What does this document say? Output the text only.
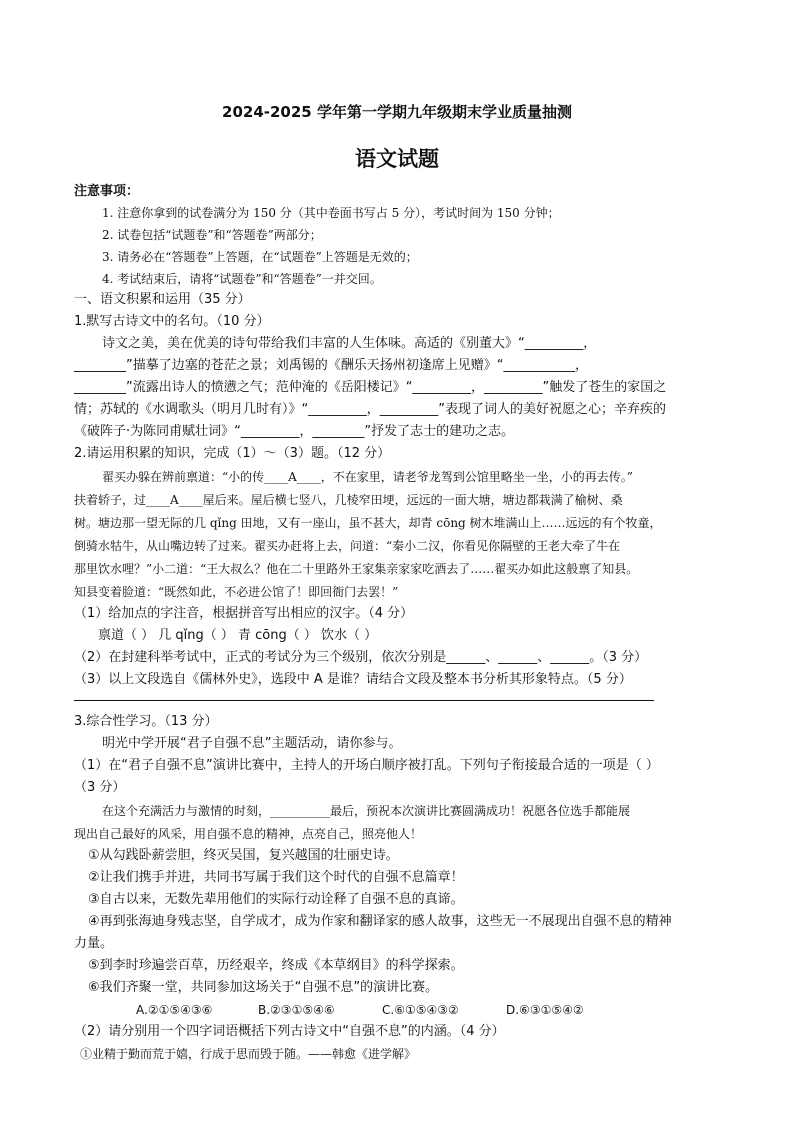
2024-2025 学年第一学期九年级期末学业质量抽测
语文试题
注意事项：
1. 注意你拿到的试卷满分为 150 分（其中卷面书写占 5 分），考试时间为 150 分钟；
2. 试卷包括“试题卷”和“答题卷”两部分；
3. 请务必在“答题卷”上答题，在“试题卷”上答题是无效的；
4. 考试结束后，请将“试题卷”和“答题卷”一并交回。
一、语文积累和运用（35 分）
1.默写古诗文中的名句。（10 分）
诗文之美，美在优美的诗句带给我们丰富的人生体味。高适的《别董大》“_________，
________”描摹了边塞的苍茫之景；刘禹锡的《酬乐天扬州初逢席上见赠》“___________，
________”流露出诗人的愤懑之气；范仲淹的《岳阳楼记》“_________，_________”触发了苍生的家国之
情；苏轼的《水调歌头（明月几时有）》“_________，_________”表现了词人的美好祝愿之心；辛弃疾的
《破阵子·为陈同甫赋壮词》“_________，________”抒发了志士的建功之志。
2.请运用积累的知识，完成（1）～（3）题。（12 分）
翟买办躲在辨前禀道：“小的传____A____，不在家里，请老爷龙驾到公馆里略坐一坐，小的再去传。”
扶着轿子，过____A____屋后来。屋后横七竖八，几棱窄田埂，远远的一面大塘，塘边都栽满了榆树、桑
树。塘边那一望无际的几 qǐng 田地，又有一座山，虽不甚大，却青 cōng 树木堆满山上……远远的有个牧童，
倒骑水牯牛，从山嘴边转了过来。翟买办赶将上去，问道：“秦小二汉，你看见你隔壁的王老大牵了牛在
那里饮水哩？”小二道：“王大叔么？他在二十里路外王家集亲家家吃酒去了……翟买办如此这般禀了知县。
知县变着脸道：“既然如此，不必进公馆了！即回衙门去罢！”
（1）给加点的字注音，根据拼音写出相应的汉字。（4 分）
禀道（ ） 几 qǐng（ ） 青 cōng（ ） 饮水（ ）
（2）在封建科举考试中，正式的考试分为三个级别，依次分别是______、______、______。（3 分）
（3）以上文段选自《儒林外史》，选段中 A 是谁？请结合文段及整本书分析其形象特点。（5 分）
3.综合性学习。（13 分）
明光中学开展“君子自强不息”主题活动，请你参与。
（1）在“君子自强不息”演讲比赛中，主持人的开场白顺序被打乱。下列句子衔接最合适的一项是（ ）
（3 分）
在这个充满活力与激情的时刻，__________最后，预祝本次演讲比赛圆满成功！祝愿各位选手都能展
现出自己最好的风采，用自强不息的精神，点亮自己，照亮他人！
①从勾践卧薪尝胆，终灭吴国，复兴越国的壮丽史诗。
②让我们携手并进，共同书写属于我们这个时代的自强不息篇章！
③自古以来，无数先辈用他们的实际行动诠释了自强不息的真谛。
④再到张海迪身残志坚，自学成才，成为作家和翻译家的感人故事，这些无一不展现出自强不息的精神
力量。
⑤到李时珍遍尝百草，历经艰辛，终成《本草纲目》的科学探索。
⑥我们齐聚一堂，共同参加这场关于“自强不息”的演讲比赛。
A.②①⑤④③⑥	B.②③①⑤④⑥	C.⑥①⑤④③②	D.⑥③①⑤④②
（2）请分别用一个四字词语概括下列古诗文中“自强不息”的内涵。（4 分）
①业精于勤而荒于嬉，行成于思而毁于随。——韩愈《进学解》
